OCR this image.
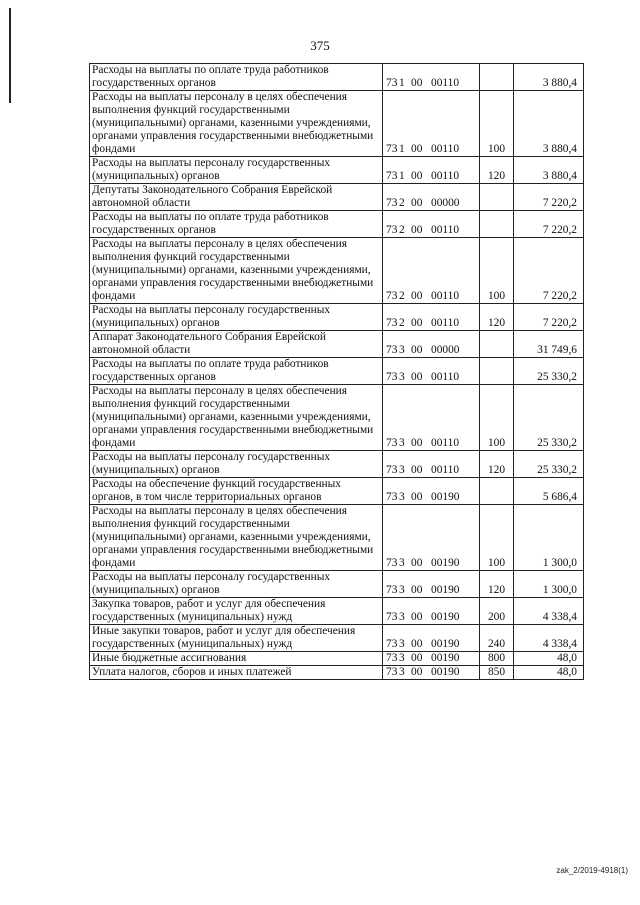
375
Расходы на выплаты по оплате труда работников государственных органов	73 1 00 00110		3 880,4
Расходы на выплаты персоналу в целях обеспечения выполнения функций государственными (муниципальными) органами, казенными учреждениями, органами управления государственными внебюджетными фондами	73 1 00 00110	100	3 880,4
Расходы на выплаты персоналу государственных (муниципальных) органов	73 1 00 00110	120	3 880,4
Депутаты Законодательного Собрания Еврейской автономной области	73 2 00 00000		7 220,2
Расходы на выплаты по оплате труда работников государственных органов	73 2 00 00110		7 220,2
Расходы на выплаты персоналу в целях обеспечения выполнения функций государственными (муниципальными) органами, казенными учреждениями, органами управления государственными внебюджетными фондами	73 2 00 00110	100	7 220,2
Расходы на выплаты персоналу государственных (муниципальных) органов	73 2 00 00110	120	7 220,2
Аппарат Законодательного Собрания Еврейской автономной области	73 3 00 00000		31 749,6
Расходы на выплаты по оплате труда работников государственных органов	73 3 00 00110		25 330,2
Расходы на выплаты персоналу в целях обеспечения выполнения функций государственными (муниципальными) органами, казенными учреждениями, органами управления государственными внебюджетными фондами	73 3 00 00110	100	25 330,2
Расходы на выплаты персоналу государственных (муниципальных) органов	73 3 00 00110	120	25 330,2
Расходы на обеспечение функций государственных органов, в том числе территориальных органов	73 3 00 00190		5 686,4
Расходы на выплаты персоналу в целях обеспечения выполнения функций государственными (муниципальными) органами, казенными учреждениями, органами управления государственными внебюджетными фондами	73 3 00 00190	100	1 300,0
Расходы на выплаты персоналу государственных (муниципальных) органов	73 3 00 00190	120	1 300,0
Закупка товаров, работ и услуг для обеспечения государственных (муниципальных) нужд	73 3 00 00190	200	4 338,4
Иные закупки товаров, работ и услуг для обеспечения государственных (муниципальных) нужд	73 3 00 00190	240	4 338,4
Иные бюджетные ассигнования	73 3 00 00190	800	48,0
Уплата налогов, сборов и иных платежей	73 3 00 00190	850	48,0
zak_2/2019-4918(1)
